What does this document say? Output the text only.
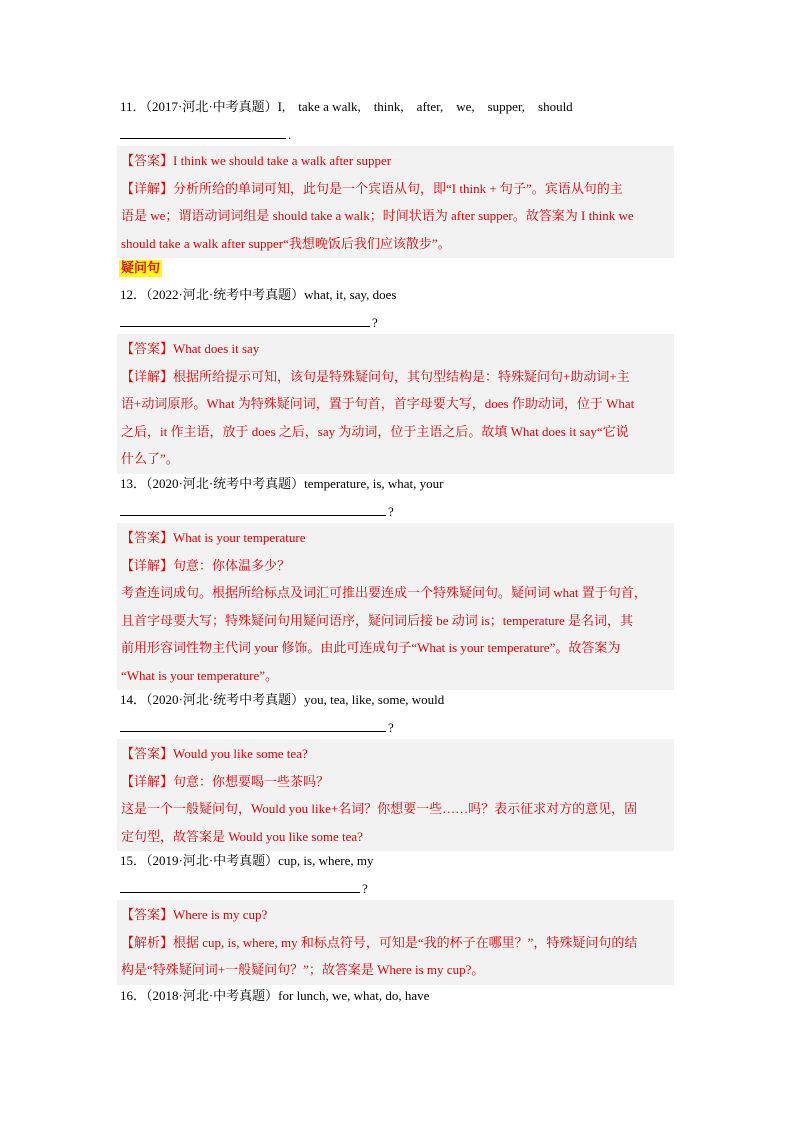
11．（2017·河北·中考真题）I,　take a walk,　think,　after,　we,　supper,　should
.

【答案】I think we should take a walk after supper

【详解】分析所给的单词可知，此句是一个宾语从句，即“I think + 句子”。宾语从句的主

语是 we；谓语动词词组是 should take a walk；时间状语为 after supper。故答案为 I think we

should take a walk after supper“我想晚饭后我们应该散步”。

疑问句
12．（2022·河北·统考中考真题）what, it, say, does
?

【答案】What does it say

【详解】根据所给提示可知，该句是特殊疑问句，其句型结构是：特殊疑问句+助动词+主

语+动词原形。What 为特殊疑问词，置于句首，首字母要大写，does 作助动词，位于 What

之后，it 作主语，放于 does 之后，say 为动词，位于主语之后。故填 What does it say“它说

什么了”。

13．（2020·河北·统考中考真题）temperature, is, what, your
?

【答案】What is your temperature

【详解】句意：你体温多少？

考查连词成句。根据所给标点及词汇可推出要连成一个特殊疑问句。疑问词 what 置于句首，

且首字母要大写；特殊疑问句用疑问语序，疑问词后接 be 动词 is；temperature 是名词，其

前用形容词性物主代词 your 修饰。由此可连成句子“What is your temperature”。故答案为

“What is your temperature”。

14．（2020·河北·统考中考真题）you, tea, like, some, would
?

【答案】Would you like some tea?

【详解】句意：你想要喝一些茶吗？

这是一个一般疑问句，Would you like+名词？你想要一些……吗？表示征求对方的意见，固

定句型，故答案是 Would you like some tea?

15．（2019·河北·中考真题）cup, is, where, my
?

【答案】Where is my cup?

【解析】根据 cup, is, where, my 和标点符号，可知是“我的杯子在哪里？”，特殊疑问句的结

构是“特殊疑问词+一般疑问句？”；故答案是 Where is my cup?。

16．（2018·河北·中考真题）for lunch, we, what, do, have
